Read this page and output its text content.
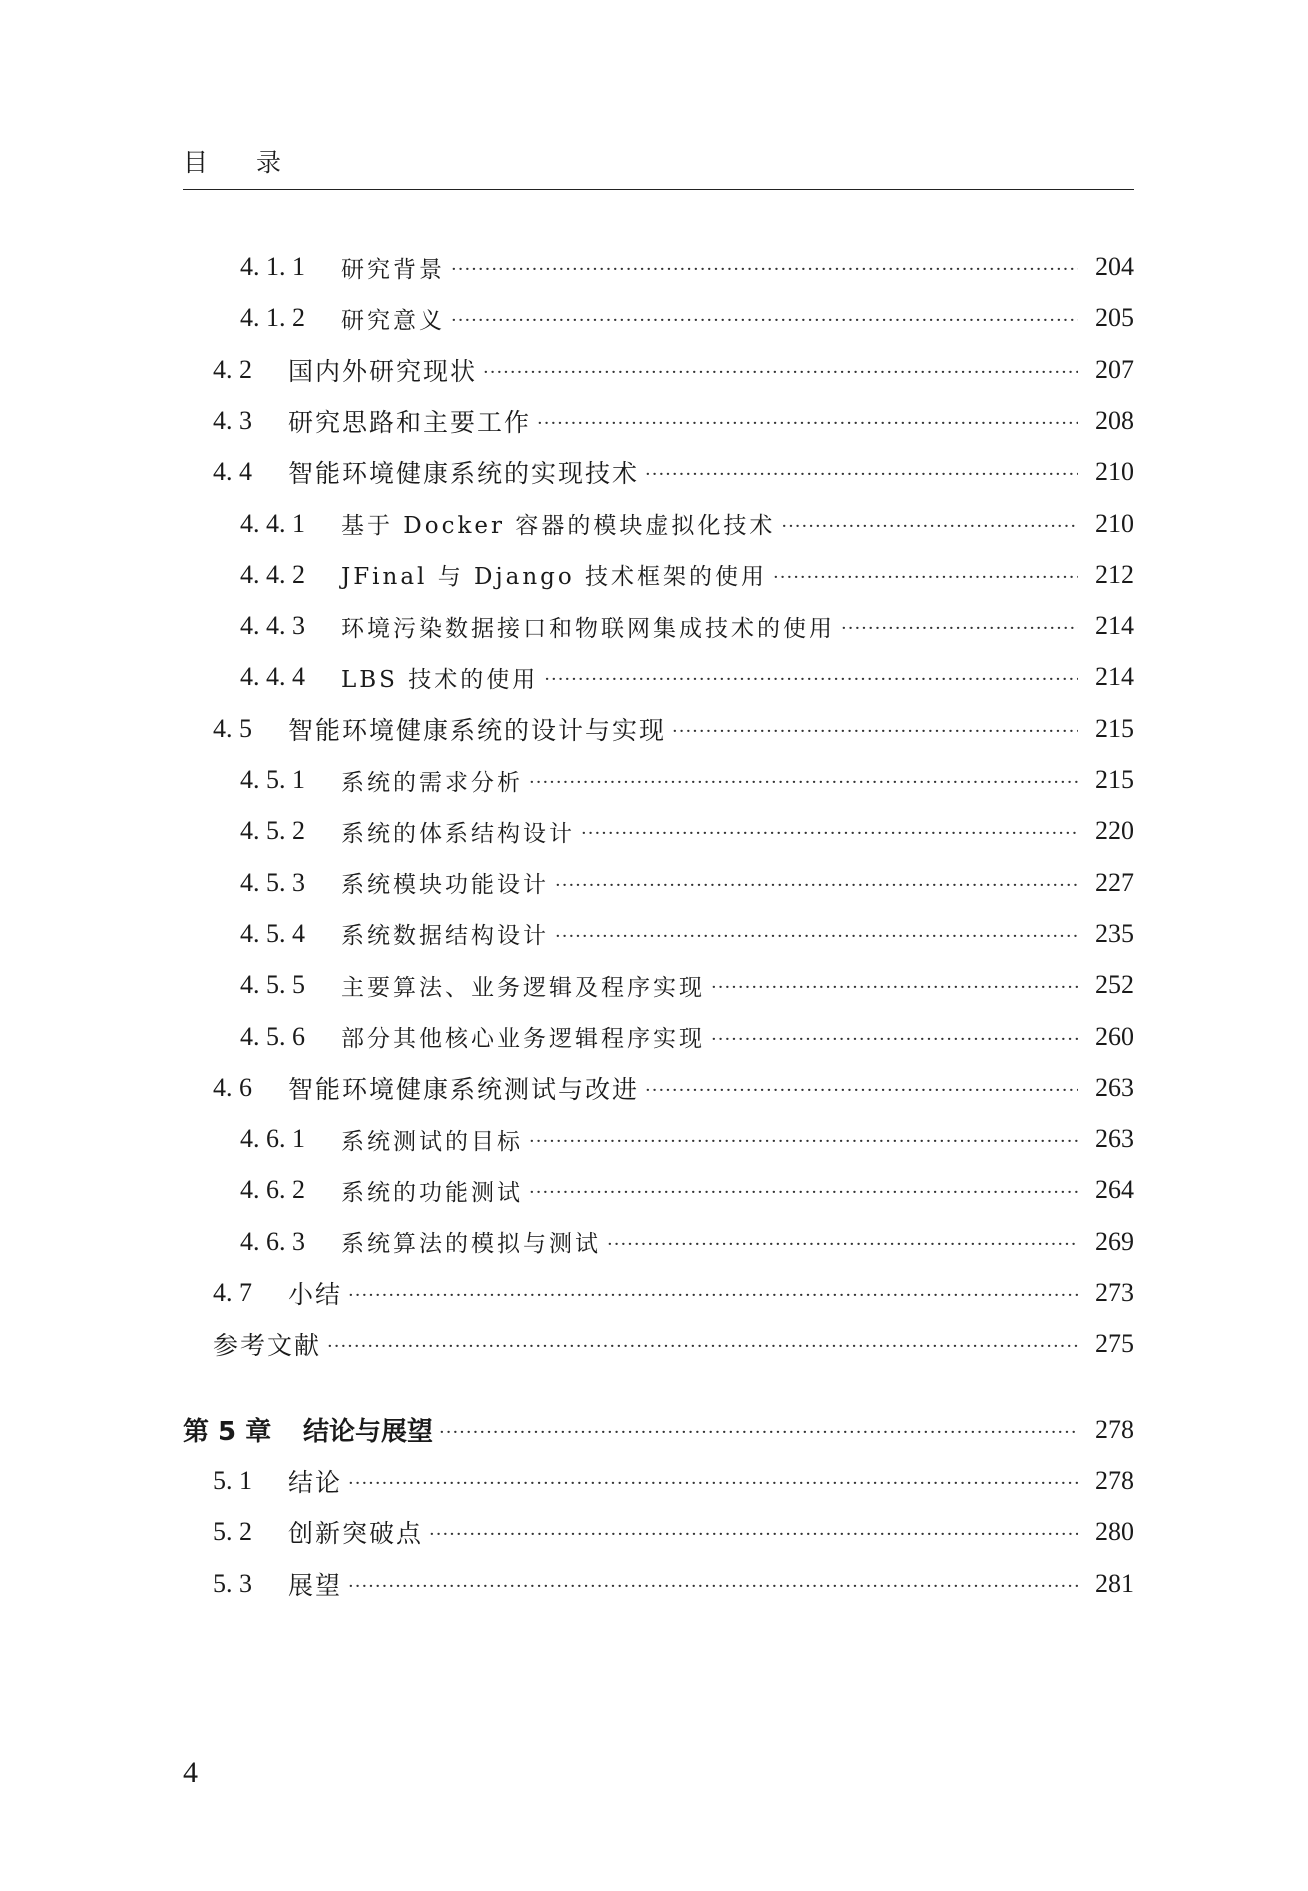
目 录
4. 1. 1	研究背景 ·····	204
4. 1. 2	研究意义 ·····	205
4. 2	国内外研究现状 ·····	207
4. 3	研究思路和主要工作 ·····	208
4. 4	智能环境健康系统的实现技术 ·····	210
4. 4. 1	基于 Docker 容器的模块虚拟化技术 ·····	210
4. 4. 2	JFinal 与 Django 技术框架的使用 ·····	212
4. 4. 3	环境污染数据接口和物联网集成技术的使用 ·····	214
4. 4. 4	LBS 技术的使用 ·····	214
4. 5	智能环境健康系统的设计与实现 ·····	215
4. 5. 1	系统的需求分析 ·····	215
4. 5. 2	系统的体系结构设计 ·····	220
4. 5. 3	系统模块功能设计 ·····	227
4. 5. 4	系统数据结构设计 ·····	235
4. 5. 5	主要算法、业务逻辑及程序实现 ·····	252
4. 5. 6	部分其他核心业务逻辑程序实现 ·····	260
4. 6	智能环境健康系统测试与改进 ·····	263
4. 6. 1	系统测试的目标 ·····	263
4. 6. 2	系统的功能测试 ·····	264
4. 6. 3	系统算法的模拟与测试 ·····	269
4. 7	小结 ·····	273
参考文献 ·····	275
第 5 章	结论与展望 ·····	278
5. 1	结论 ·····	278
5. 2	创新突破点 ·····	280
5. 3	展望 ·····	281
4
